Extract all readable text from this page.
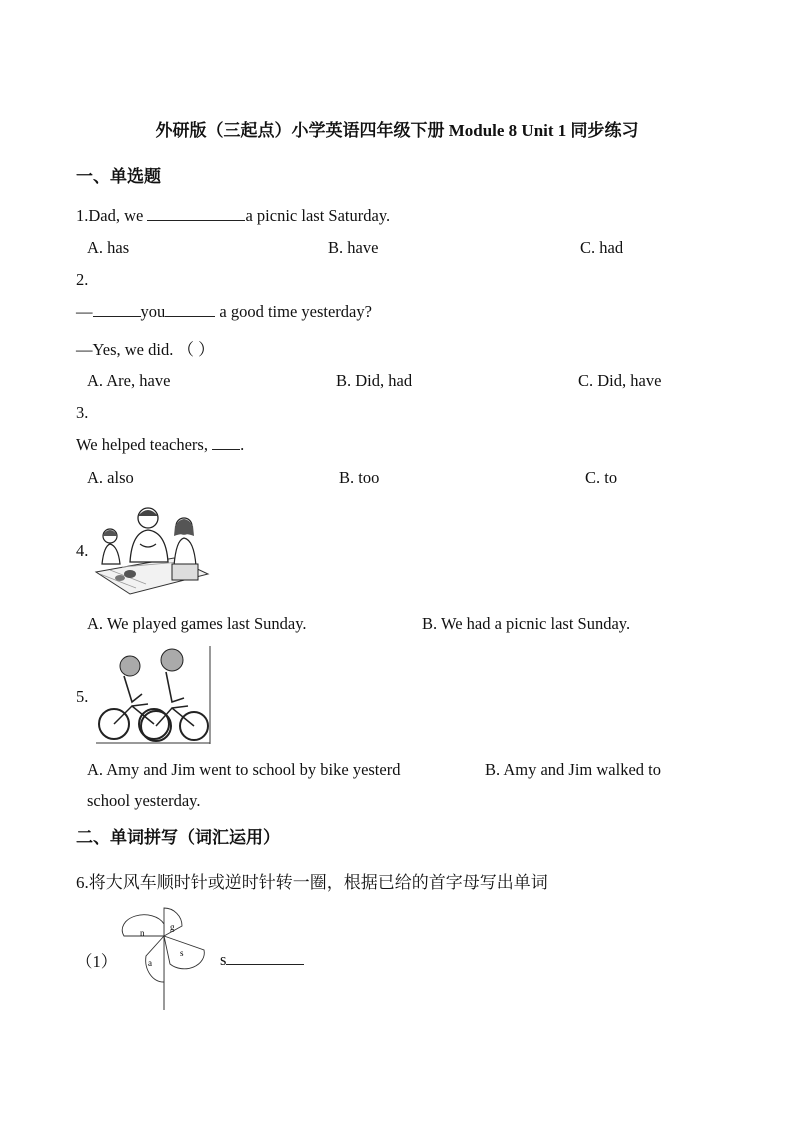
外研版（三起点）小学英语四年级下册 Module 8 Unit 1 同步练习
一、单选题
1.Dad, we	a picnic last Saturday.
A. has	B. have	C. had
2.
—	you	a good time yesterday?
—Yes, we did. （ ）
A. Are, have	B. Did, had	C. Did, have
3.
We helped teachers, .
A. also	B. too	C. to
4.
A. We played games last Sunday.	B. We had a picnic last Sunday.
5.
A. Amy and Jim went to school by bike yesterd	B. Amy and Jim walked to
school yesterday.
二、单词拼写（词汇运用）
6.将大风车顺时针或逆时针转一圈，根据已给的首字母写出单词
（1）
g
n
a
s s
